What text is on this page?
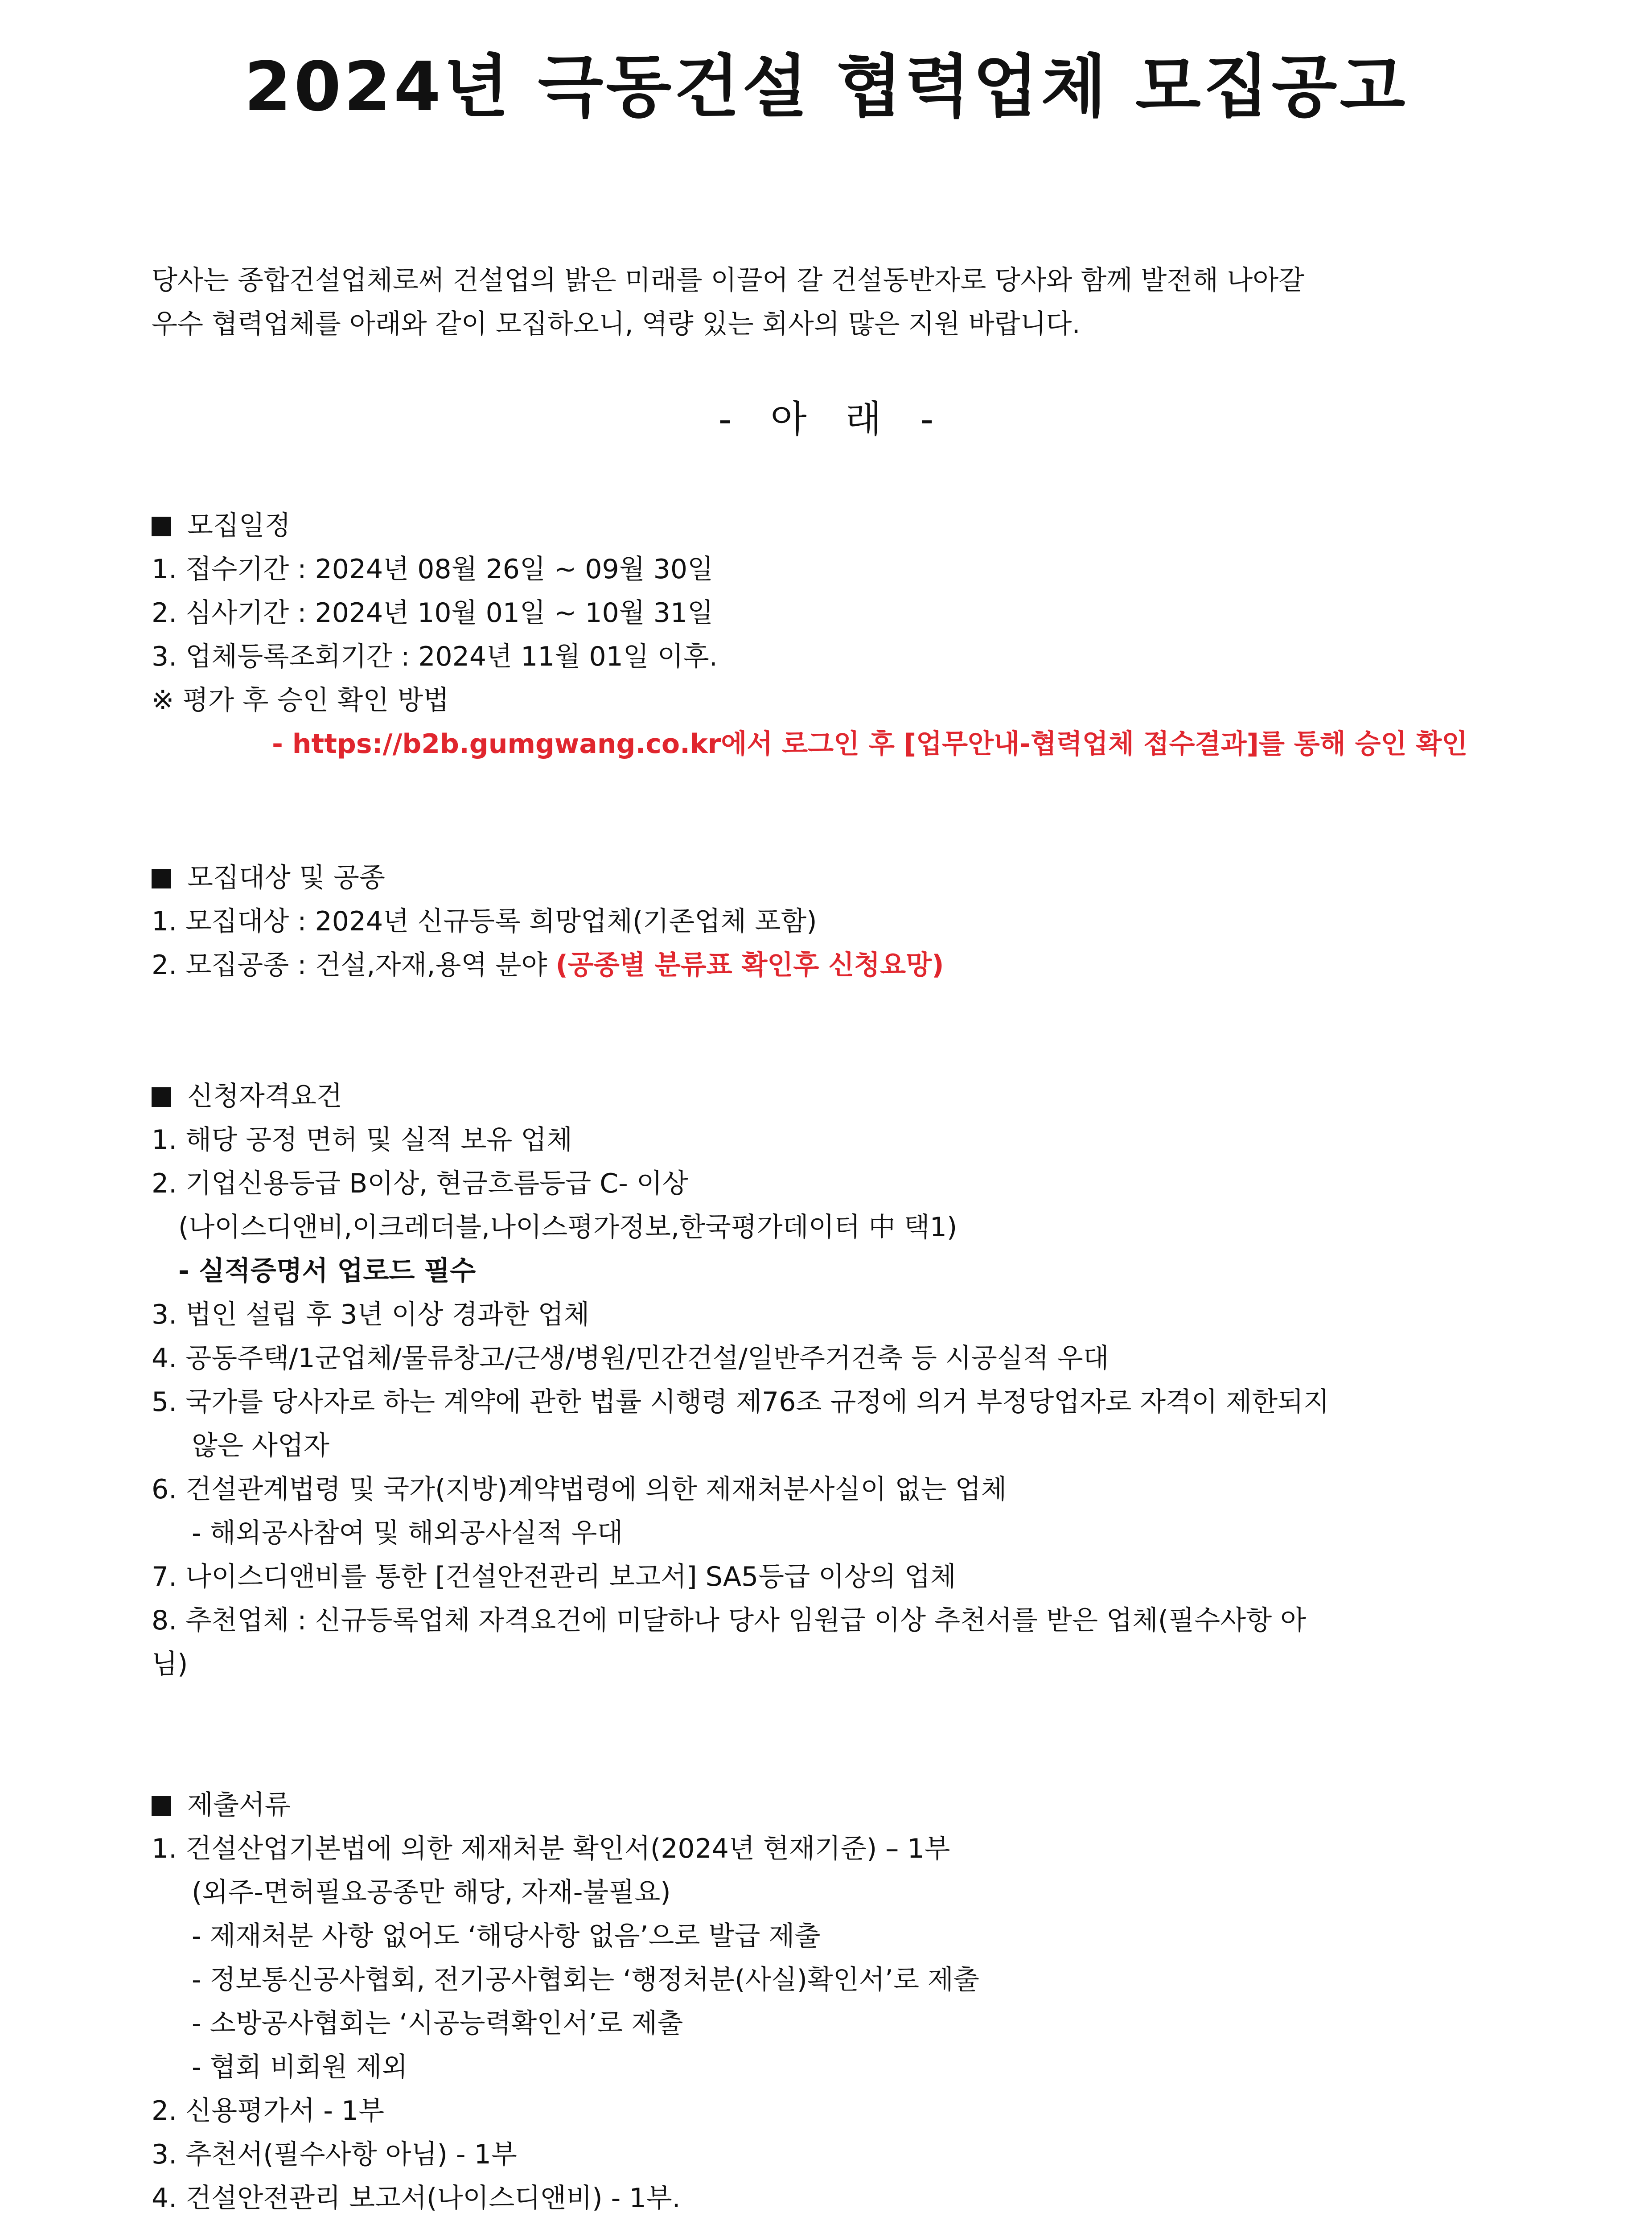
2024년 극동건설 협력업체 모집공고
당사는 종합건설업체로써 건설업의 밝은 미래를 이끌어 갈 건설동반자로 당사와 함께 발전해 나아갈
우수 협력업체를 아래와 같이 모집하오니, 역량 있는 회사의 많은 지원 바랍니다.
- 아 래 -
모집일정
1. 접수기간 : 2024년 08월 26일 ~ 09월 30일
2. 심사기간 : 2024년 10월 01일 ~ 10월 31일
3. 업체등록조회기간 : 2024년 11월 01일 이후.
※ 평가 후 승인 확인 방법
- https://b2b.gumgwang.co.kr에서 로그인 후 [업무안내-협력업체 접수결과]를 통해 승인 확인
모집대상 및 공종
1. 모집대상 : 2024년 신규등록 희망업체(기존업체 포함)
2. 모집공종 : 건설,자재,용역 분야 (공종별 분류표 확인후 신청요망)
신청자격요건
1. 해당 공정 면허 및 실적 보유 업체
2. 기업신용등급 B이상, 현금흐름등급 C- 이상
(나이스디앤비,이크레더블,나이스평가정보,한국평가데이터 中 택1)
- 실적증명서 업로드 필수
3. 법인 설립 후 3년 이상 경과한 업체
4. 공동주택/1군업체/물류창고/근생/병원/민간건설/일반주거건축 등 시공실적 우대
5. 국가를 당사자로 하는 계약에 관한 법률 시행령 제76조 규정에 의거 부정당업자로 자격이 제한되지
않은 사업자
6. 건설관계법령 및 국가(지방)계약법령에 의한 제재처분사실이 없는 업체
- 해외공사참여 및 해외공사실적 우대
7. 나이스디앤비를 통한 [건설안전관리 보고서] SA5등급 이상의 업체
8. 추천업체 : 신규등록업체 자격요건에 미달하나 당사 임원급 이상 추천서를 받은 업체(필수사항 아
님)
제출서류
1. 건설산업기본법에 의한 제재처분 확인서(2024년 현재기준) – 1부
(외주-면허필요공종만 해당, 자재-불필요)
- 제재처분 사항 없어도 ‘해당사항 없음’으로 발급 제출
- 정보통신공사협회, 전기공사협회는 ‘행정처분(사실)확인서’로 제출
- 소방공사협회는 ‘시공능력확인서’로 제출
- 협회 비회원 제외
2. 신용평가서 - 1부
3. 추천서(필수사항 아님) - 1부
4. 건설안전관리 보고서(나이스디앤비) - 1부.
